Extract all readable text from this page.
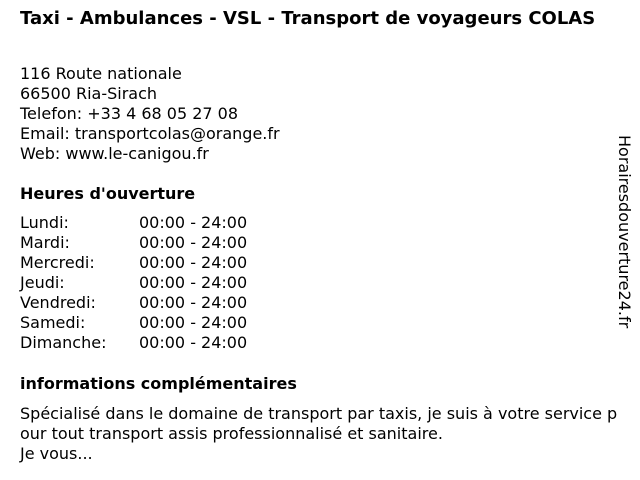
Taxi - Ambulances - VSL - Transport de voyageurs COLAS
116 Route nationale
66500 Ria-Sirach
Telefon: +33 4 68 05 27 08
Email: transportcolas@orange.fr
Web: www.le-canigou.fr
Heures d'ouverture
Lundi:	00:00 - 24:00
Mardi:	00:00 - 24:00
Mercredi:	00:00 - 24:00
Jeudi:	00:00 - 24:00
Vendredi:	00:00 - 24:00
Samedi:	00:00 - 24:00
Dimanche:	00:00 - 24:00
informations complémentaires
Spécialisé dans le domaine de transport par taxis, je suis à votre service pour tout transport assis professionnalisé et sanitaire.
Je vous...
Horairesdouverture24.fr
